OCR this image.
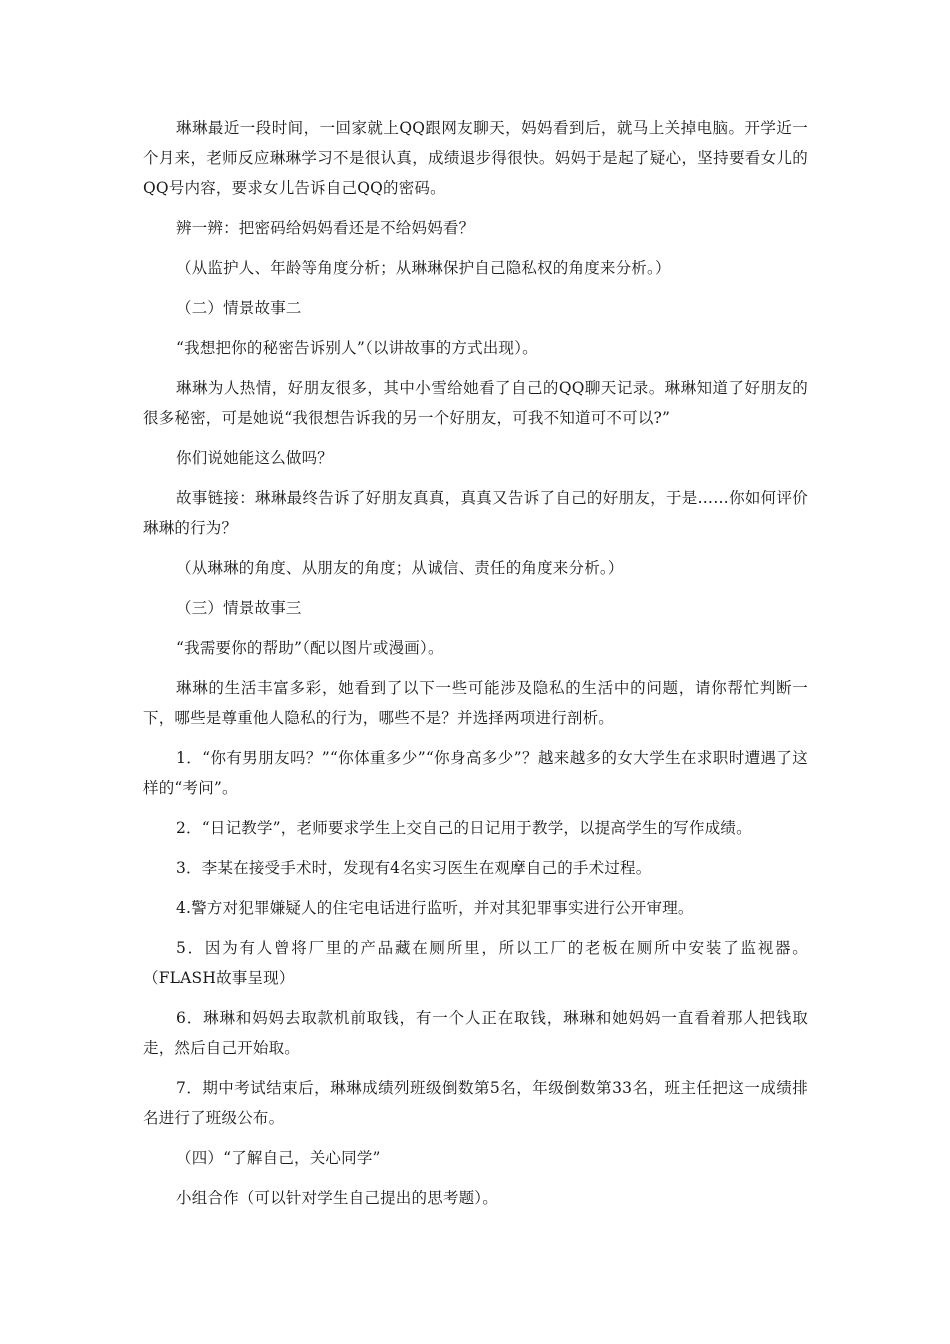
琳琳最近一段时间，一回家就上QQ跟网友聊天，妈妈看到后，就马上关掉电脑。开学近一个月来，老师反应琳琳学习不是很认真，成绩退步得很快。妈妈于是起了疑心，坚持要看女儿的QQ号内容，要求女儿告诉自己QQ的密码。

辨一辨：把密码给妈妈看还是不给妈妈看？

（从监护人、年龄等角度分析；从琳琳保护自己隐私权的角度来分析。）

（二）情景故事二

“我想把你的秘密告诉别人”（以讲故事的方式出现）。

琳琳为人热情，好朋友很多，其中小雪给她看了自己的QQ聊天记录。琳琳知道了好朋友的很多秘密，可是她说“我很想告诉我的另一个好朋友，可我不知道可不可以?”

你们说她能这么做吗？

故事链接：琳琳最终告诉了好朋友真真，真真又告诉了自己的好朋友，于是……你如何评价琳琳的行为？

（从琳琳的角度、从朋友的角度；从诚信、责任的角度来分析。）

（三）情景故事三

“我需要你的帮助”（配以图片或漫画）。

琳琳的生活丰富多彩，她看到了以下一些可能涉及隐私的生活中的问题，请你帮忙判断一下，哪些是尊重他人隐私的行为，哪些不是？并选择两项进行剖析。

1．“你有男朋友吗？”“你体重多少”“你身高多少”？越来越多的女大学生在求职时遭遇了这样的“考问”。

2．“日记教学”，老师要求学生上交自己的日记用于教学，以提高学生的写作成绩。

3．李某在接受手术时，发现有4名实习医生在观摩自己的手术过程。

4.警方对犯罪嫌疑人的住宅电话进行监听，并对其犯罪事实进行公开审理。

5．因为有人曾将厂里的产品藏在厕所里，所以工厂的老板在厕所中安装了监视器。（FLASH故事呈现）

6．琳琳和妈妈去取款机前取钱，有一个人正在取钱，琳琳和她妈妈一直看着那人把钱取走，然后自己开始取。

7．期中考试结束后，琳琳成绩列班级倒数第5名，年级倒数第33名，班主任把这一成绩排名进行了班级公布。

（四）“了解自己，关心同学”

小组合作（可以针对学生自己提出的思考题）。
